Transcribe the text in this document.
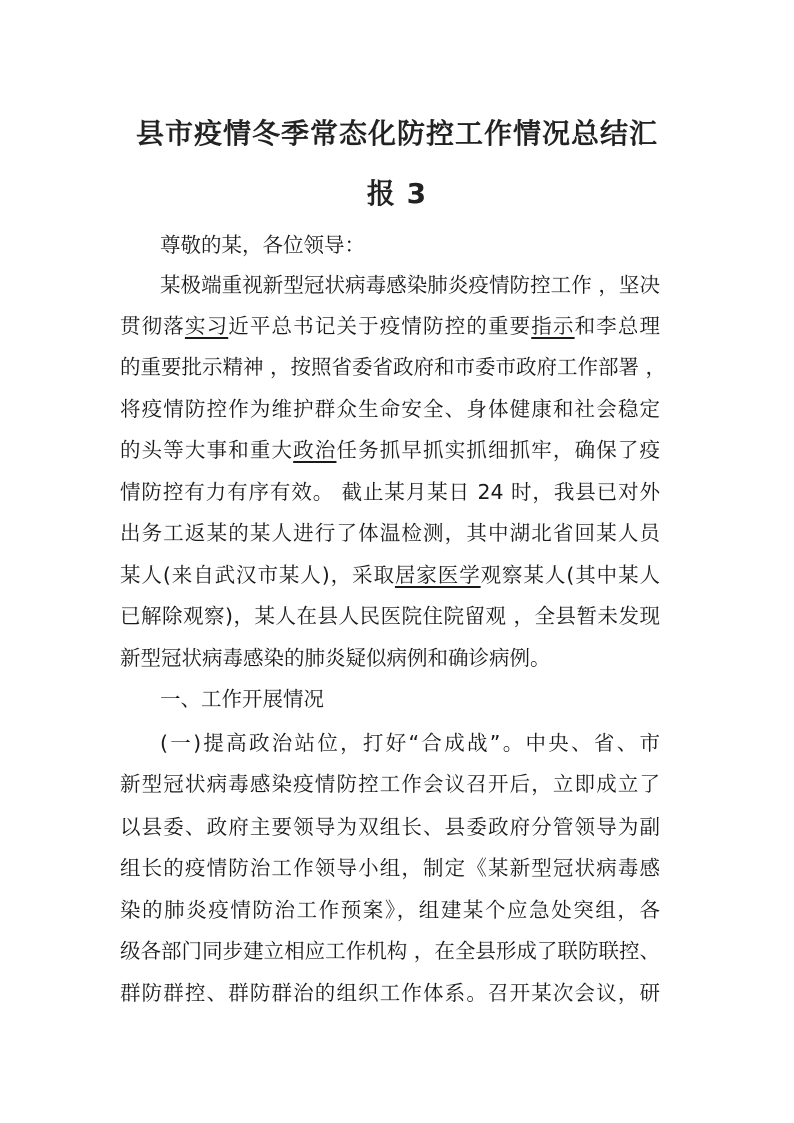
县市疫情冬季常态化防控工作情况总结汇
报 3
尊敬的某，各位领导：
某极端重视新型冠状病毒感染肺炎疫情防控工作 ，坚决
贯彻落实习近平总书记关于疫情防控的重要指示和李总理
的重要批示精神 ，按照省委省政府和市委市政府工作部署 ，
将疫情防控作为维护群众生命安全、身体健康和社会稳定
的头等大事和重大政治任务抓早抓实抓细抓牢，确保了疫
情防控有力有序有效。 截止某月某日 24 时，我县已对外
出务工返某的某人进行了体温检测，其中湖北省回某人员
某人(来自武汉市某人)，采取居家医学观察某人(其中某人
已解除观察)，某人在县人民医院住院留观 ，全县暂未发现
新型冠状病毒感染的肺炎疑似病例和确诊病例。
一、工作开展情况
(一)提高政治站位，打好“合成战”。中央、省、市
新型冠状病毒感染疫情防控工作会议召开后，立即成立了
以县委、政府主要领导为双组长、县委政府分管领导为副
组长的疫情防治工作领导小组，制定《某新型冠状病毒感
染的肺炎疫情防治工作预案》，组建某个应急处突组，各
级各部门同步建立相应工作机构 ，在全县形成了联防联控、
群防群控、群防群治的组织工作体系。召开某次会议，研
